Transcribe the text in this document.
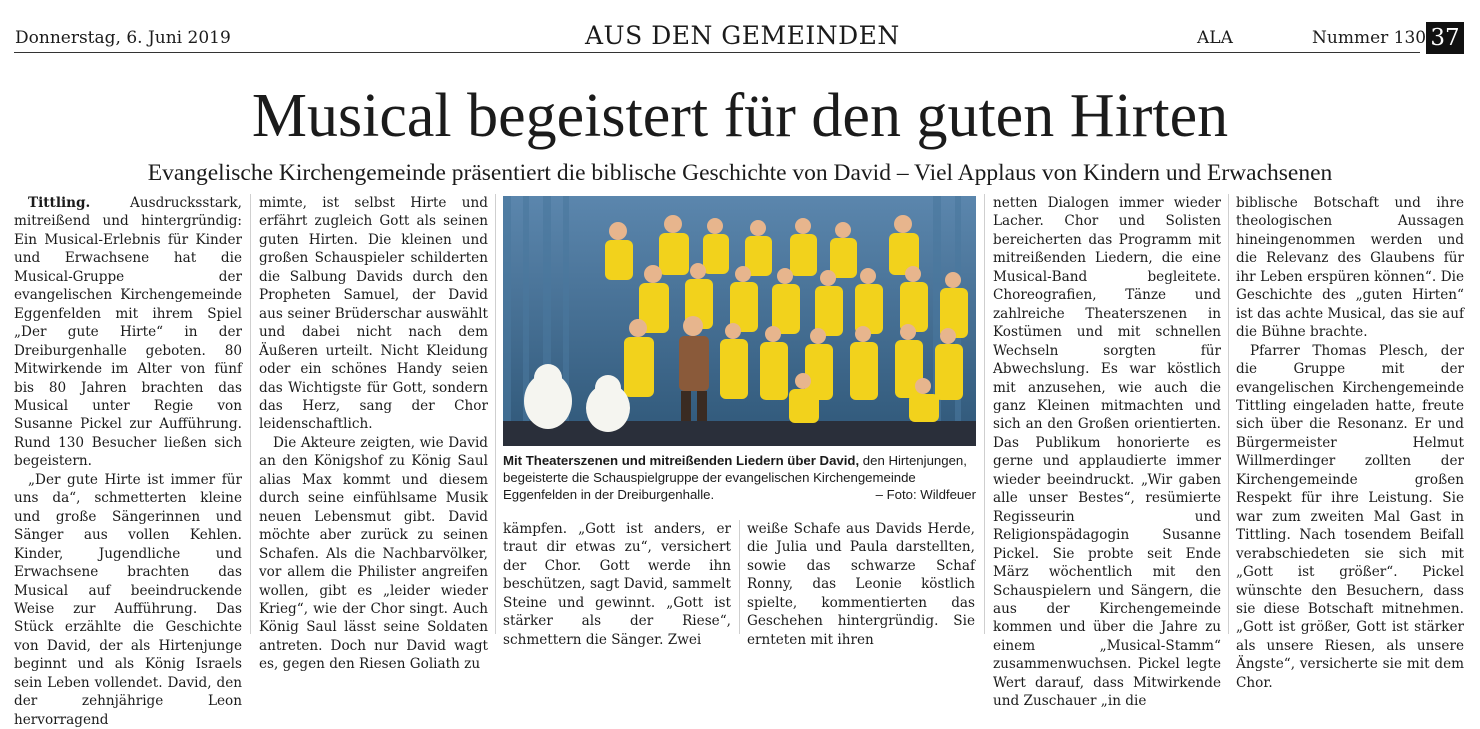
Donnerstag, 6. Juni 2019	AUS DEN GEMEINDEN	ALA	Nummer 130 37
Musical begeistert für den guten Hirten
Evangelische Kirchengemeinde präsentiert die biblische Geschichte von David – Viel Applaus von Kindern und Erwachsenen

Tittling. Ausdrucksstark, mitreißend und hintergründig: Ein Musical-Erlebnis für Kinder und Erwachsene hat die Musical-Gruppe der evangelischen Kirchengemeinde Eggenfelden mit ihrem Spiel „Der gute Hirte“ in der Dreiburgenhalle geboten. 80 Mitwirkende im Alter von fünf bis 80 Jahren brachten das Musical unter Regie von Susanne Pickel zur Aufführung. Rund 130 Besucher ließen sich begeistern.

„Der gute Hirte ist immer für uns da“, schmetterten kleine und große Sängerinnen und Sänger aus vollen Kehlen. Kinder, Jugendliche und Erwachsene brachten das Musical auf beeindruckende Weise zur Aufführung. Das Stück erzählte die Geschichte von David, der als Hirtenjunge beginnt und als König Israels sein Leben vollendet. David, den der zehnjährige Leon hervorragend

mimte, ist selbst Hirte und erfährt zugleich Gott als seinen guten Hirten. Die kleinen und großen Schauspieler schilderten die Salbung Davids durch den Propheten Samuel, der David aus seiner Brüderschar auswählt und dabei nicht nach dem Äußeren urteilt. Nicht Kleidung oder ein schönes Handy seien das Wichtigste für Gott, sondern das Herz, sang der Chor leidenschaftlich.

Die Akteure zeigten, wie David an den Königshof zu König Saul alias Max kommt und diesem durch seine einfühlsame Musik neuen Lebensmut gibt. David möchte aber zurück zu seinen Schafen. Als die Nachbarvölker, vor allem die Philister angreifen wollen, gibt es „leider wieder Krieg“, wie der Chor singt. Auch König Saul lässt seine Soldaten antreten. Doch nur David wagt es, gegen den Riesen Goliath zu

Mit Theaterszenen und mitreißenden Liedern über David, den Hirtenjungen, begeisterte die Schauspielgruppe der evangelischen Kirchengemeinde Eggenfelden in der Dreiburgenhalle.	– Foto: Wildfeuer

kämpfen. „Gott ist anders, er traut dir etwas zu“, versichert der Chor. Gott werde ihn beschützen, sagt David, sammelt Steine und gewinnt. „Gott ist stärker als der Riese“, schmettern die Sänger. Zwei

weiße Schafe aus Davids Herde, die Julia und Paula darstellten, sowie das schwarze Schaf Ronny, das Leonie köstlich spielte, kommentierten das Geschehen hintergründig. Sie ernteten mit ihren

netten Dialogen immer wieder Lacher. Chor und Solisten bereicherten das Programm mit mitreißenden Liedern, die eine Musical-Band begleitete. Choreografien, Tänze und zahlreiche Theaterszenen in Kostümen und mit schnellen Wechseln sorgten für Abwechslung. Es war köstlich mit anzusehen, wie auch die ganz Kleinen mitmachten und sich an den Großen orientierten. Das Publikum honorierte es gerne und applaudierte immer wieder beeindruckt. „Wir gaben alle unser Bestes“, resümierte Regisseurin und Religionspädagogin Susanne Pickel. Sie probte seit Ende März wöchentlich mit den Schauspielern und Sängern, die aus der Kirchengemeinde kommen und über die Jahre zu einem „Musical-Stamm“ zusammenwuchsen. Pickel legte Wert darauf, dass Mitwirkende und Zuschauer „in die

biblische Botschaft und ihre theologischen Aussagen hineingenommen werden und die Relevanz des Glaubens für ihr Leben erspüren können“. Die Geschichte des „guten Hirten“ ist das achte Musical, das sie auf die Bühne brachte.

Pfarrer Thomas Plesch, der die Gruppe mit der evangelischen Kirchengemeinde Tittling eingeladen hatte, freute sich über die Resonanz. Er und Bürgermeister Helmut Willmerdinger zollten der Kirchengemeinde großen Respekt für ihre Leistung. Sie war zum zweiten Mal Gast in Tittling. Nach tosendem Beifall verabschiedeten sie sich mit „Gott ist größer“. Pickel wünschte den Besuchern, dass sie diese Botschaft mitnehmen. „Gott ist größer, Gott ist stärker als unsere Riesen, als unsere Ängste“, versicherte sie mit dem Chor.
